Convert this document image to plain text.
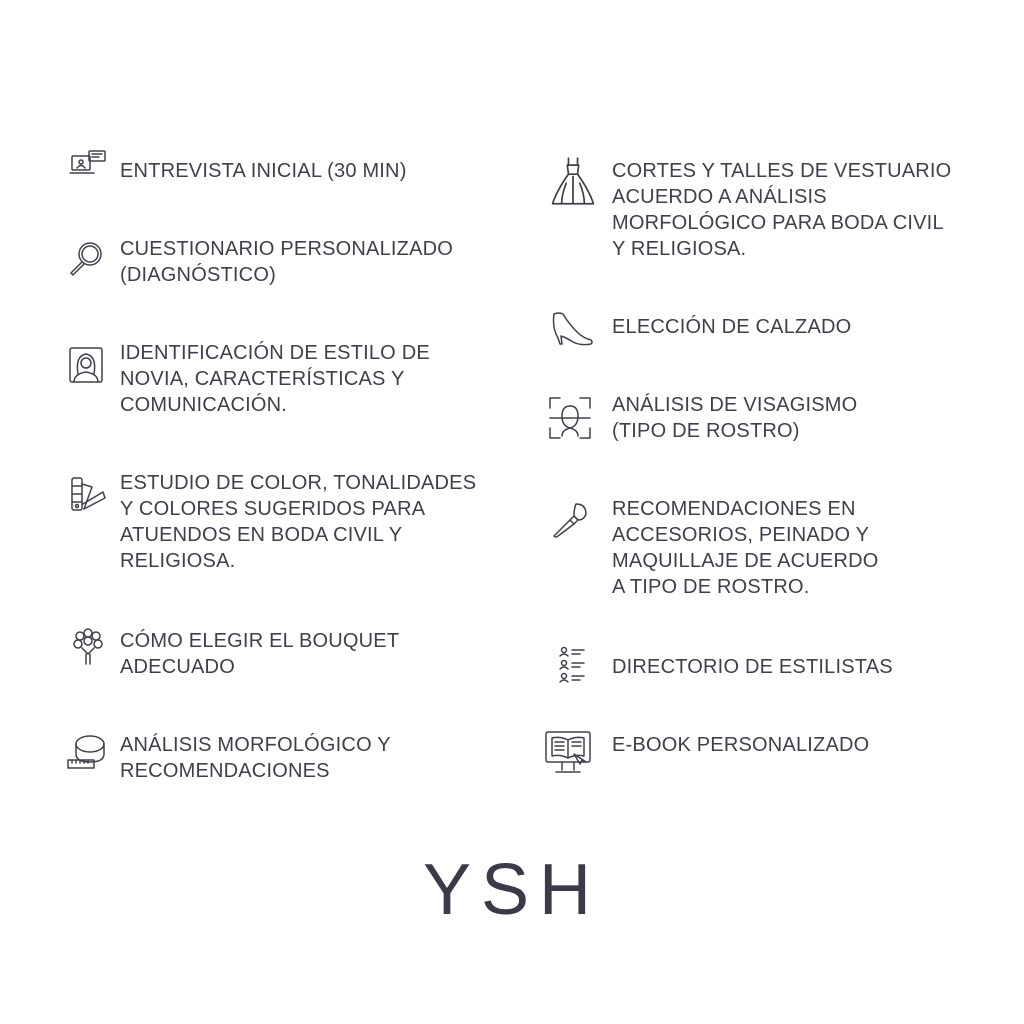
ENTREVISTA INICIAL (30 MIN)
CUESTIONARIO PERSONALIZADO
(DIAGNÓSTICO)
IDENTIFICACIÓN DE ESTILO DE
NOVIA, CARACTERÍSTICAS Y
COMUNICACIÓN.
ESTUDIO DE COLOR, TONALIDADES
Y COLORES SUGERIDOS PARA
ATUENDOS EN BODA CIVIL Y
RELIGIOSA.
CÓMO ELEGIR EL BOUQUET
ADECUADO
ANÁLISIS MORFOLÓGICO Y
RECOMENDACIONES
CORTES Y TALLES DE VESTUARIO
ACUERDO A ANÁLISIS
MORFOLÓGICO PARA BODA CIVIL
Y RELIGIOSA.
ELECCIÓN DE CALZADO
ANÁLISIS DE VISAGISMO
(TIPO DE ROSTRO)
RECOMENDACIONES EN
ACCESORIOS, PEINADO Y
MAQUILLAJE DE ACUERDO
A TIPO DE ROSTRO.
DIRECTORIO DE ESTILISTAS
E-BOOK PERSONALIZADO
YSH
